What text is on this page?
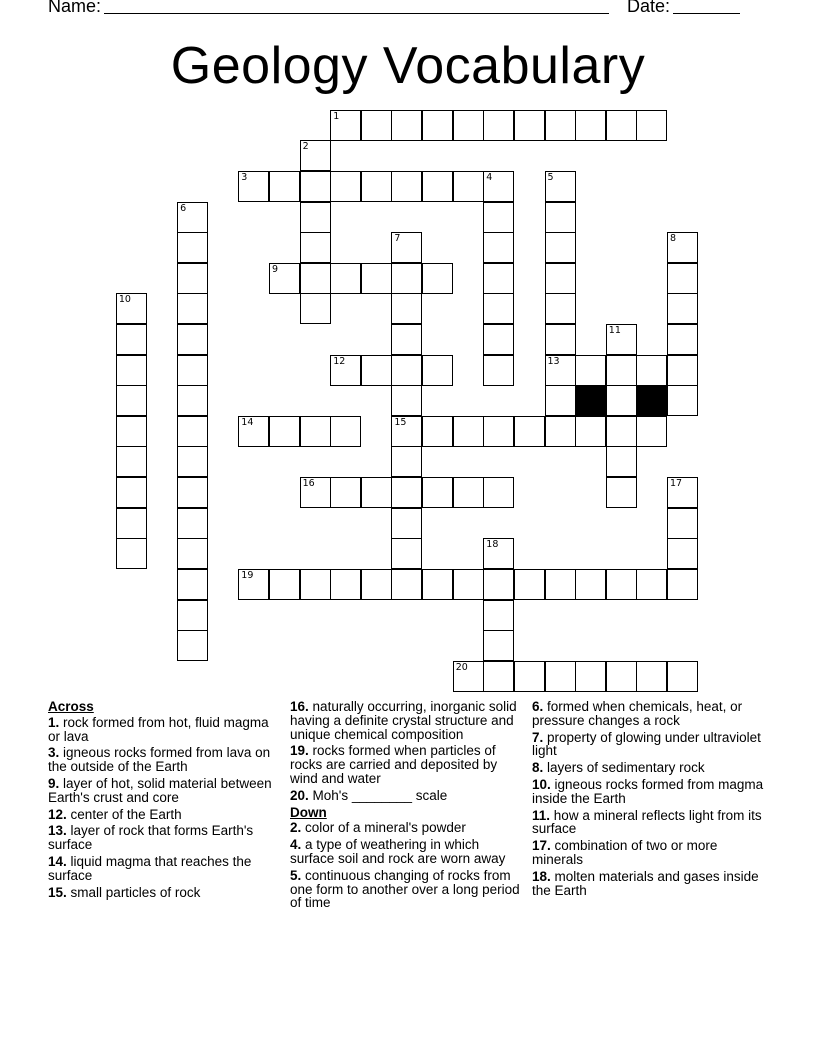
Name:	Date:
Geology Vocabulary
1
2
3	4	5
6
7	8
9
10
11
12	13
14	15
16	17
18
19
20
Across
1. rock formed from hot, fluid magma or lava
3. igneous rocks formed from lava on the outside of the Earth
9. layer of hot, solid material between Earth's crust and core
12. center of the Earth
13. layer of rock that forms Earth's surface
14. liquid magma that reaches the surface
15. small particles of rock
16. naturally occurring, inorganic solid having a definite crystal structure and unique chemical composition
19. rocks formed when particles of rocks are carried and deposited by wind and water
20. Moh's ________ scale
Down
2. color of a mineral's powder
4. a type of weathering in which surface soil and rock are worn away
5. continuous changing of rocks from one form to another over a long period of time
6. formed when chemicals, heat, or pressure changes a rock
7. property of glowing under ultraviolet light
8. layers of sedimentary rock
10. igneous rocks formed from magma inside the Earth
11. how a mineral reflects light from its surface
17. combination of two or more minerals
18. molten materials and gases inside the Earth
